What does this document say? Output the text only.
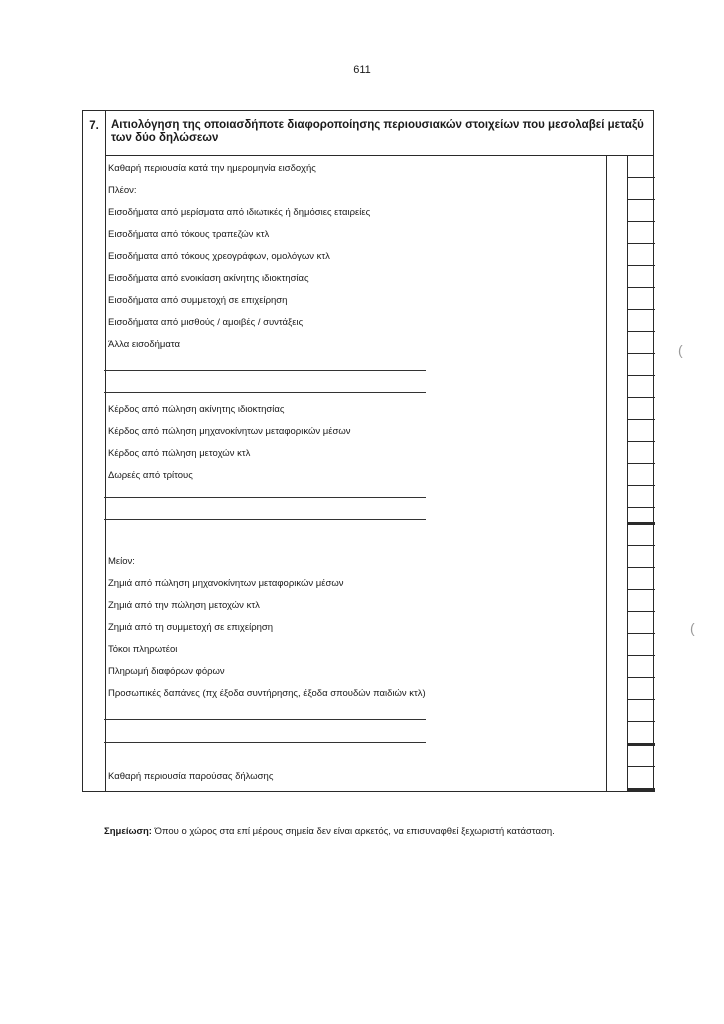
611
7.	Αιτιολόγηση της οποιασδήποτε διαφοροποίησης περιουσιακών στοιχείων που μεσολαβεί μεταξύ
των δύο δηλώσεων
Καθαρή περιουσία κατά την ημερομηνία εισδοχής
Πλέον:
Εισοδήματα από μερίσματα από ιδιωτικές ή δημόσιες εταιρείες
Εισοδήματα από τόκους τραπεζών κτλ
Εισοδήματα από τόκους χρεογράφων, ομολόγων κτλ
Εισοδήματα από ενοικίαση ακίνητης ιδιοκτησίας
Εισοδήματα από συμμετοχή σε επιχείρηση
Εισοδήματα από μισθούς / αμοιβές / συντάξεις
Άλλα εισοδήματα
Κέρδος από πώληση ακίνητης ιδιοκτησίας
Κέρδος από πώληση μηχανοκίνητων μεταφορικών μέσων
Κέρδος από πώληση μετοχών κτλ
Δωρεές από τρίτους
Μείον:
Ζημιά από πώληση μηχανοκίνητων μεταφορικών μέσων
Ζημιά από την πώληση μετοχών κτλ
Ζημιά από τη συμμετοχή σε επιχείρηση
Τόκοι πληρωτέοι
Πληρωμή διαφόρων φόρων
Προσωπικές δαπάνες (πχ έξοδα συντήρησης, έξοδα σπουδών παιδιών κτλ)
Καθαρή περιουσία παρούσας δήλωσης
Σημείωση: Όπου ο χώρος στα επί μέρους σημεία δεν είναι αρκετός, να επισυναφθεί ξεχωριστή κατάσταση.
(
(
